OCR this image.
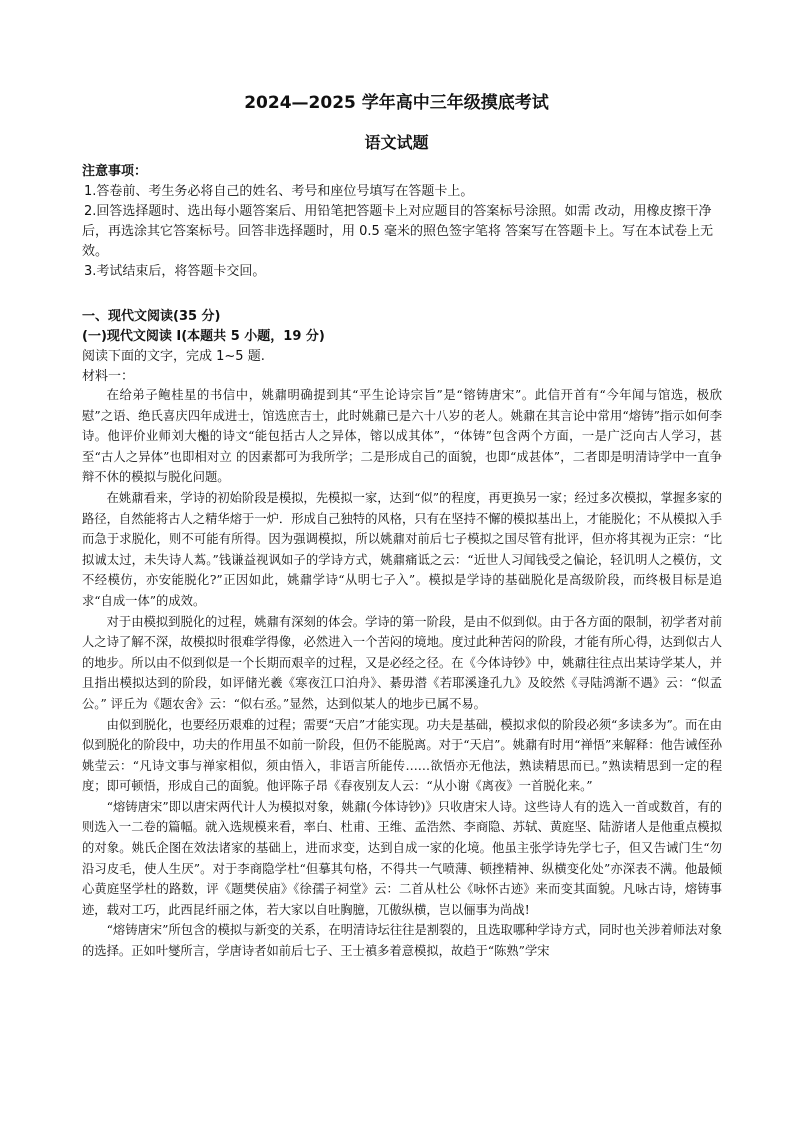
2024—2025 学年高中三年级摸底考试
语文试题
注意事项：
1.答卷前、考生务必将自己的姓名、考号和座位号填写在答题卡上。
2.回答选择题时、选出每小题答案后、用铅笔把答题卡上对应题目的答案标号涂照。如需 改动，用橡皮擦干净后，再选涂其它答案标号。回答非选择题时，用 0.5 毫米的照色签字笔将 答案写在答题卡上。写在本试卷上无效。
3.考试结束后，将答题卡交回。
一、现代文阅读(35 分)
(一)现代文阅读 I(本题共 5 小题，19 分)
阅读下面的文字，完成 1~5 题.
材料一：

在给弟子鲍桂星的书信中，姚鼐明确提到其“平生论诗宗旨”是“镕铸唐宋”。此信开首有“今年闻与馆选，极欣慰”之语、绝氏喜庆四年成进士，馆选庶吉士，此时姚鼐已是六十八岁的老人。姚鼐在其言论中常用“熔铸”指示如何李诗。他评价业师刘大櫆的诗文“能包括古人之异体，镕以成其体”，“体铸”包含两个方面，一是广泛向古人学习，甚至“古人之异体”也即相对立 的因素都可为我所学；二是形成自己的面貌，也即“成甚体”，二者即是明清诗学中一直争辩不休的模拟与脱化问题。

在姚鼐看来，学诗的初始阶段是模拟，先模拟一家，达到“似”的程度，再更换另一家；经过多次模拟，掌握多家的路径，自然能将古人之精华熔于一炉．形成自己独特的风格，只有在坚持不懈的模拟基出上，才能脱化；不从模拟入手而急于求脱化，则不可能有所得。因为强调模拟，所以姚鼐对前后七子模拟之国尽管有批评，但亦将其视为正宗：“比拟诚太过，未失诗人蒍。”钱谦益视讽如子的学诗方式，姚鼐痛诋之云：“近世人习闻钱受之偏论，轻讥明人之模仿，文不经模仿，亦安能脱化?”正因如此，姚鼐学诗“从明七子入”。模拟是学诗的基础脱化是高级阶段，而终极目标是追求“自成一体”的成效。

对于由模拟到脱化的过程，姚鼐有深刻的体会。学诗的第一阶段，是由不似到似。由于各方面的限制，初学者对前人之诗了解不深，故模拟时很难学得像，必然进入一个苦闷的境地。度过此种苦闷的阶段，才能有所心得，达到似古人的地步。所以由不似到似是一个长期而艰辛的过程，又是必经之径。在《今体诗钞》中，姚鼐往往点出某诗学某人，并且指出模拟达到的阶段，如评储光羲《寒夜江口泊舟》、綦毋潜《若耶溪逢孔九》及皎然《寻陆鸿渐不遇》云：“似孟公。” 评丘为《题农舍》云：“似右丞。”显然，达到似某人的地步已属不易。

由似到脱化，也要经历艰难的过程；需要“天启”才能实现。功夫是基础，模拟求似的阶段必须“多读多为”。而在由似到脱化的阶段中，功夫的作用虽不如前一阶段，但仍不能脱离。对于“天启”。姚鼐有时用“禅悟”来解释：他告诫侄孙姚莹云：“凡诗文事与禅家相似，须由悟入，非语言所能传……欲悟亦无他法，熟读精思而已。”熟读精思到一定的程度；即可顿悟，形成自己的面貌。他评陈子昂《春夜别友人云：“从小谢《离夜》一首脱化来。”

“熔铸唐宋”即以唐宋两代计人为模拟对象，姚鼐(今体诗钞)》只收唐宋人诗。这些诗人有的选入一首或数首，有的则选入一二卷的篇幅。就入选规模来看，率白、杜甫、王维、孟浩然、李商隐、苏轼、黄庭坚、陆游诸人是他重点模拟的对象。姚氏企图在效法诸家的基础上，进而求变，达到自成一家的化境。他虽主张学诗先学七子，但又告诫门生“勿沿习皮毛，使人生厌”。对于李商隐学杜“但摹其句格，不得共一气喷薄、顿挫精神、纵横变化处”亦深表不满。他最倾心黄庭坚学杜的路数，评《题樊侯庙》《徐孺子祠堂》云：二首从杜公《咏怀古迹》来而变其面貌。凡咏古诗，熔铸事迹，载对工巧，此西昆纤丽之体，若大家以自吐胸臆，兀傲纵横，岂以俪事为尚战!

“熔铸唐宋”所包含的模拟与新变的关系，在明清诗坛往往是割裂的，且选取哪种学诗方式，同时也关涉着师法对象的选择。正如叶燮所言，学唐诗者如前后七子、王士禛多着意模拟，故趋于“陈熟”学宋
